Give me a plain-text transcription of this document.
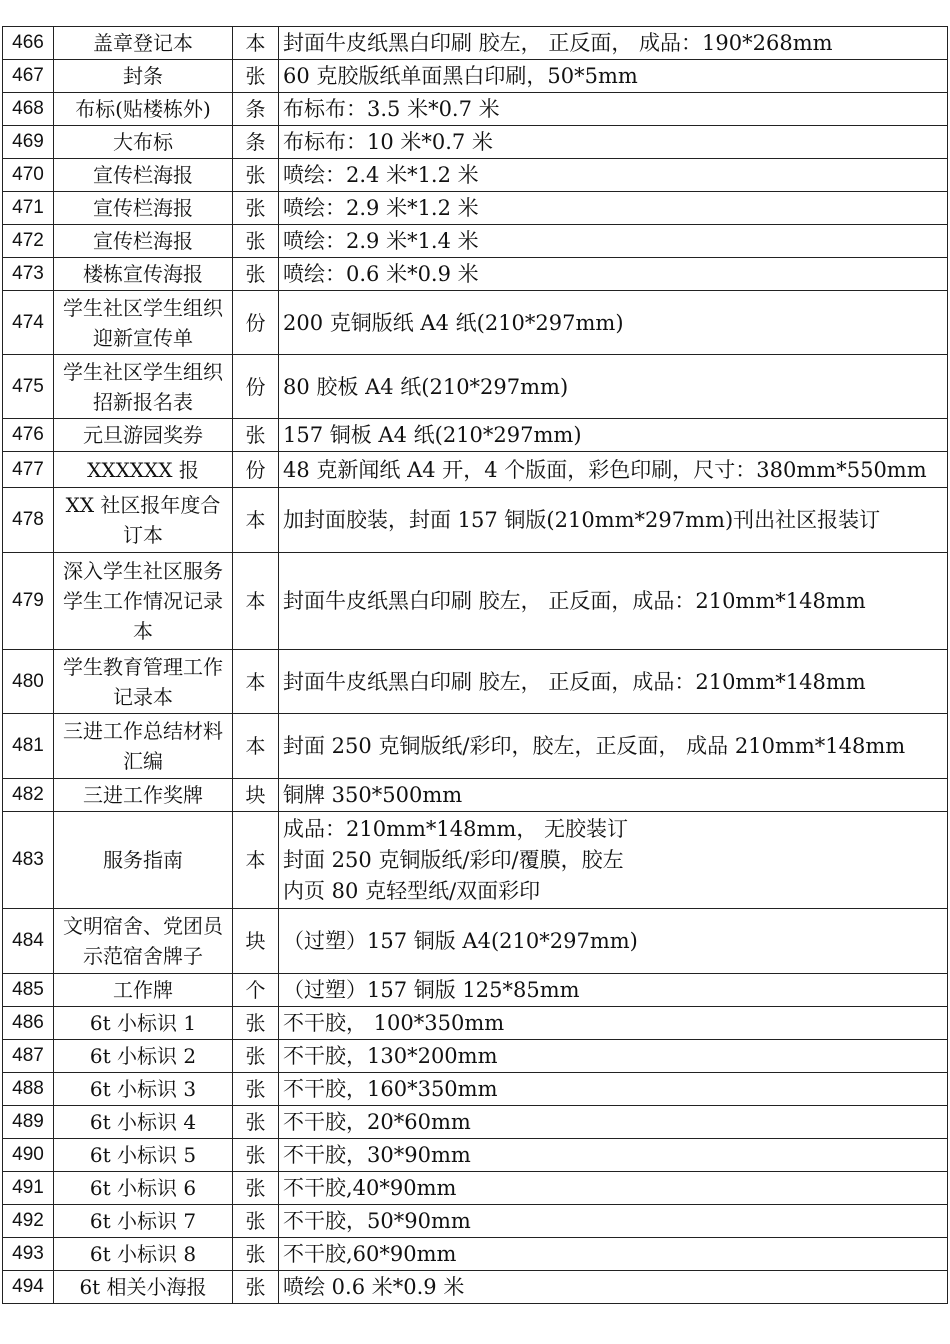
466	盖章登记本	本	封面牛皮纸黑白印刷 胶左， 正反面， 成品：190*268mm
467	封条	张	60 克胶版纸单面黑白印刷，50*5mm
468	布标(贴楼栋外)	条	布标布：3.5 米*0.7 米
469	大布标	条	布标布：10 米*0.7 米
470	宣传栏海报	张	喷绘：2.4 米*1.2 米
471	宣传栏海报	张	喷绘：2.9 米*1.2 米
472	宣传栏海报	张	喷绘：2.9 米*1.4 米
473	楼栋宣传海报	张	喷绘：0.6 米*0.9 米
474	学生社区学生组织迎新宣传单	份	200 克铜版纸 A4 纸(210*297mm)
475	学生社区学生组织招新报名表	份	80 胶板 A4 纸(210*297mm)
476	元旦游园奖券	张	157 铜板 A4 纸(210*297mm)
477	XXXXXX 报	份	48 克新闻纸 A4 开，4 个版面，彩色印刷，尺寸：380mm*550mm
478	XX 社区报年度合订本	本	加封面胶装，封面 157 铜版(210mm*297mm)刊出社区报装订
479	深入学生社区服务学生工作情况记录本	本	封面牛皮纸黑白印刷 胶左， 正反面，成品：210mm*148mm
480	学生教育管理工作记录本	本	封面牛皮纸黑白印刷 胶左， 正反面，成品：210mm*148mm
481	三进工作总结材料汇编	本	封面 250 克铜版纸/彩印，胶左，正反面， 成品 210mm*148mm
482	三进工作奖牌	块	铜牌 350*500mm
483	服务指南	本	成品：210mm*148mm， 无胶装订
封面 250 克铜版纸/彩印/覆膜，胶左
内页 80 克轻型纸/双面彩印

484	文明宿舍、党团员示范宿舍牌子	块	（过塑）157 铜版 A4(210*297mm)
485	工作牌	个	（过塑）157 铜版 125*85mm
486	6t 小标识 1	张	不干胶， 100*350mm
487	6t 小标识 2	张	不干胶，130*200mm
488	6t 小标识 3	张	不干胶，160*350mm
489	6t 小标识 4	张	不干胶，20*60mm
490	6t 小标识 5	张	不干胶，30*90mm
491	6t 小标识 6	张	不干胶,40*90mm
492	6t 小标识 7	张	不干胶，50*90mm
493	6t 小标识 8	张	不干胶,60*90mm
494	6t 相关小海报	张	喷绘 0.6 米*0.9 米
